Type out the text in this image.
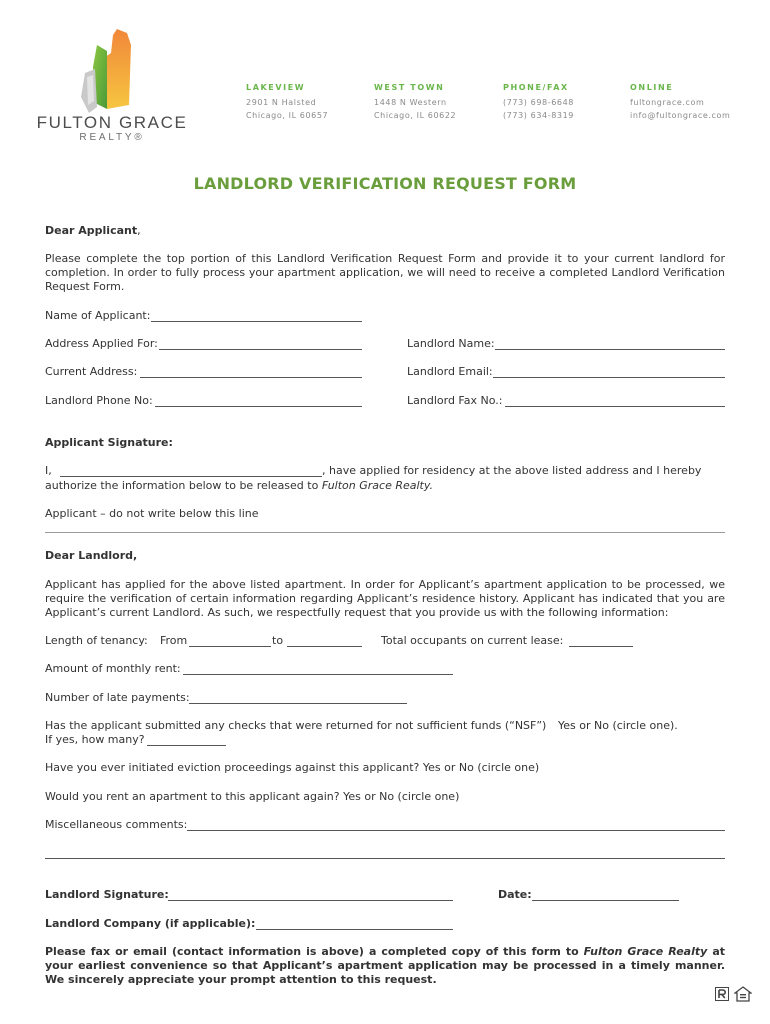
FULTON GRACE
REALTY®
LAKEVIEW
2901 N Halsted
Chicago, IL 60657
WEST TOWN
1448 N Western
Chicago, IL 60622
PHONE/FAX
(773) 698-6648
(773) 634-8319
ONLINE
fultongrace.com
info@fultongrace.com
LANDLORD VERIFICATION REQUEST FORM
Dear Applicant,
Please complete the top portion of this Landlord Verification Request Form and provide it to your current landlord for completion. In order to fully process your apartment application, we will need to receive a completed Landlord Verification Request Form.
Name of Applicant:
Address Applied For:	Landlord Name:
Current Address:	Landlord Email:
Landlord Phone No:	Landlord Fax No.:
Applicant Signature:
I,	, have applied for residency at the above listed address and I hereby
authorize the information below to be released to Fulton Grace Realty.
Applicant – do not write below this line
Dear Landlord,
Applicant has applied for the above listed apartment. In order for Applicant’s apartment application to be processed, we require the verification of certain information regarding Applicant’s residence history. Applicant has indicated that you are Applicant’s current Landlord. As such, we respectfully request that you provide us with the following information:
Length of tenancy: From	to	Total occupants on current lease:
Amount of monthly rent:
Number of late payments:
Has the applicant submitted any checks that were returned for not sufficient funds (“NSF”) Yes or No (circle one).
If yes, how many?
Have you ever initiated eviction proceedings against this applicant? Yes or No (circle one)
Would you rent an apartment to this applicant again? Yes or No (circle one)
Miscellaneous comments:
Landlord Signature:	Date:
Landlord Company (if applicable):
Please fax or email (contact information is above) a completed copy of this form to Fulton Grace Realty at your earliest convenience so that Applicant’s apartment application may be processed in a timely manner. We sincerely appreciate your prompt attention to this request.
